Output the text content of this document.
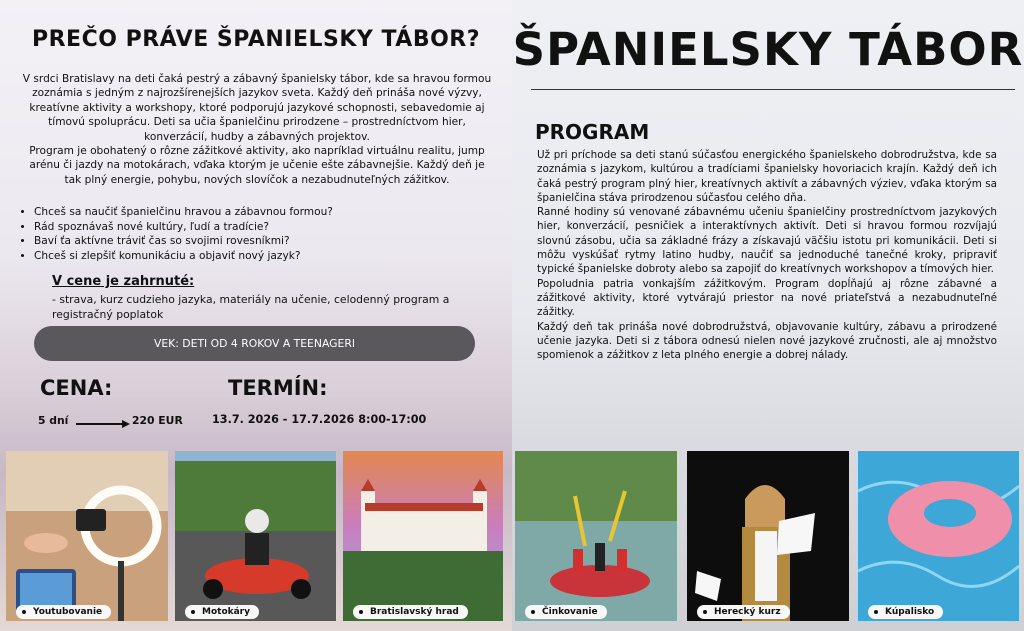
PREČO PRÁVE ŠPANIELSKY TÁBOR?

V srdci Bratislavy na deti čaká pestrý a zábavný španielsky tábor, kde sa hravou formou zoznámia s jedným z najrozšírenejších jazykov sveta. Každý deň prináša nové výzvy, kreatívne aktivity a workshopy, ktoré podporujú jazykové schopnosti, sebavedomie aj tímovú spoluprácu. Deti sa učia španielčinu prirodzene – prostredníctvom hier, konverzácií, hudby a zábavných projektov.

Program je obohatený o rôzne zážitkové aktivity, ako napríklad virtuálnu realitu, jump arénu či jazdy na motokárach, vďaka ktorým je učenie ešte zábavnejšie. Každý deň je tak plný energie, pohybu, nových slovíčok a nezabudnuteľných zážitkov.

• Chceš sa naučiť španielčinu hravou a zábavnou formou?
• Rád spoznávaš nové kultúry, ľudí a tradície?
• Baví ťa aktívne tráviť čas so svojimi rovesníkmi?
• Chceš si zlepšiť komunikáciu a objaviť nový jazyk?
V cene je zahrnuté:
- strava, kurz cudzieho jazyka, materiály na učenie, celodenný program a registračný poplatok
VEK: DETI OD 4 ROKOV A TEENAGERI
CENA:	TERMÍN:
5 dní	220 EUR	13.7. 2026 - 17.7.2026 8:00-17:00
ŠPANIELSKY TÁBOR
PROGRAM

Už pri príchode sa deti stanú súčasťou energického španielskeho dobrodružstva, kde sa zoznámia s jazykom, kultúrou a tradíciami španielsky hovoriacich krajín. Každý deň ich čaká pestrý program plný hier, kreatívnych aktivít a zábavných výziev, vďaka ktorým sa španielčina stáva prirodzenou súčasťou celého dňa.

Ranné hodiny sú venované zábavnému učeniu španielčiny prostredníctvom jazykových hier, konverzácií, pesničiek a interaktívnych aktivít. Deti si hravou formou rozvíjajú slovnú zásobu, učia sa základné frázy a získavajú väčšiu istotu pri komunikácii. Deti si môžu vyskúšať rytmy latino hudby, naučiť sa jednoduché tanečné kroky, pripraviť typické španielske dobroty alebo sa zapojiť do kreatívnych workshopov a tímových hier.

Popoludnia patria vonkajším zážitkovým. Program dopĺňajú aj rôzne zábavné a zážitkové aktivity, ktoré vytvárajú priestor na nové priateľstvá a nezabudnuteľné zážitky.

Každý deň tak prináša nové dobrodružstvá, objavovanie kultúry, zábavu a prirodzené učenie jazyka. Deti si z tábora odnesú nielen nové jazykové zručnosti, ale aj množstvo spomienok a zážitkov z leta plného energie a dobrej nálady.

Youtubovanie	Motokáry	Bratislavský hrad	Činkovanie	Herecký kurz	Kúpalisko
